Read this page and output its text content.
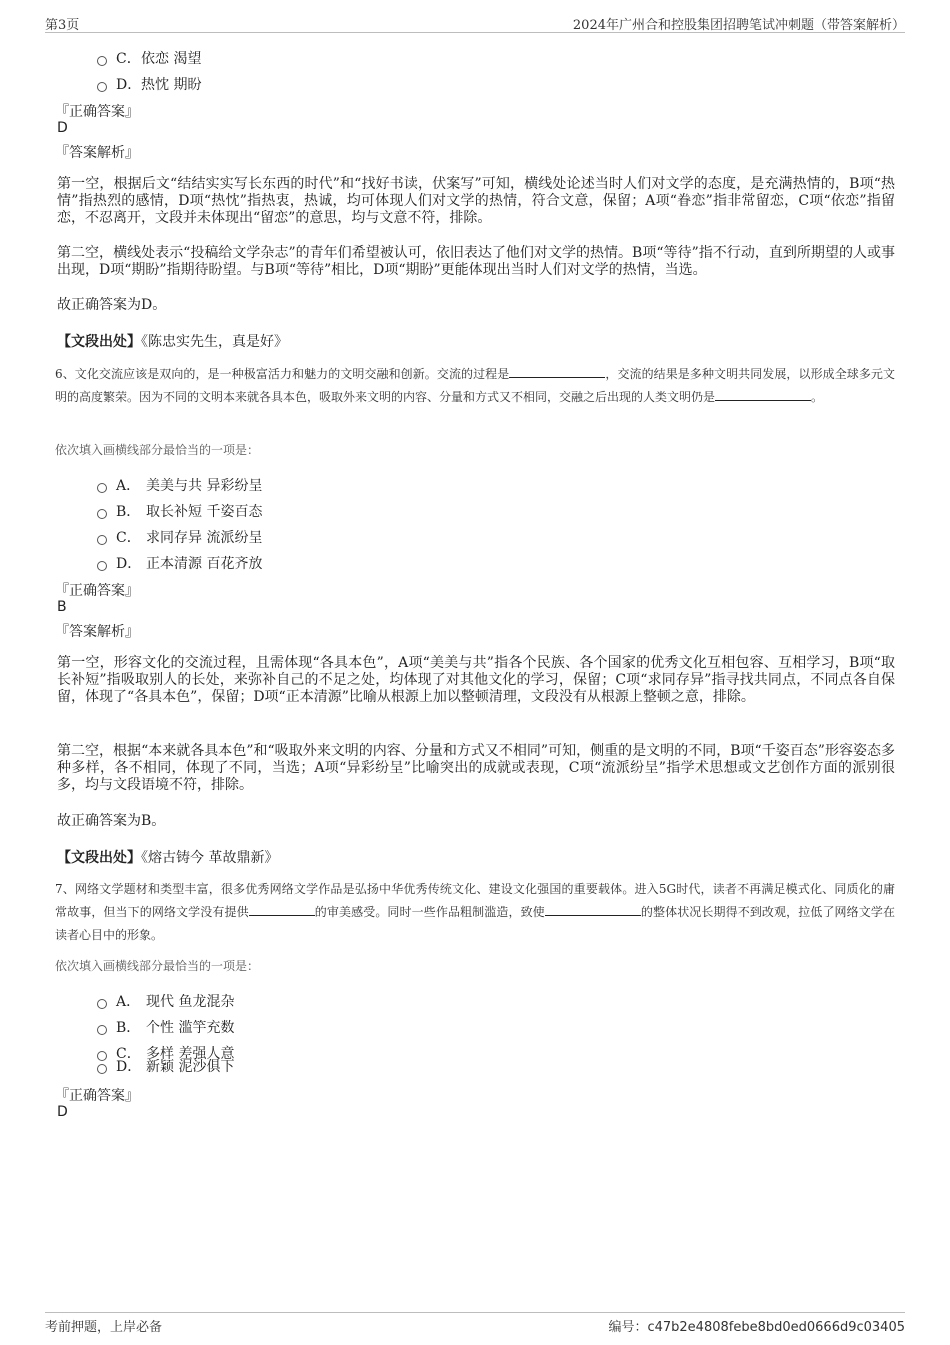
第3页	2024年广州合和控股集团招聘笔试冲刺题（带答案解析）
C． 依恋 渴望
D． 热忱 期盼
『正确答案』
D
『答案解析』
第一空，根据后文“结结实实写长东西的时代”和“找好书读，伏案写”可知，横线处论述当时人们对文学的态度，是充满热情的，B项“热情”指热烈的感情，D项“热忱”指热衷，热诚，均可体现人们对文学的热情，符合文意，保留；A项“眷恋”指非常留恋，C项“依恋”指留恋，不忍离开，文段并未体现出“留恋”的意思，均与文意不符，排除。
第二空，横线处表示“投稿给文学杂志”的青年们希望被认可，依旧表达了他们对文学的热情。B项“等待”指不行动，直到所期望的人或事出现，D项“期盼”指期待盼望。与B项“等待”相比，D项“期盼”更能体现出当时人们对文学的热情，当选。
故正确答案为D。
【文段出处】《陈忠实先生，真是好》
6、文化交流应该是双向的，是一种极富活力和魅力的文明交融和创新。交流的过程是	，交流的结果是多种文明共同发展，以形成全球多元文明的高度繁荣。因为不同的文明本来就各具本色，吸取外来文明的内容、分量和方式又不相同，交融之后出现的人类文明仍是	。
依次填入画横线部分最恰当的一项是：
A． 美美与共 异彩纷呈
B． 取长补短 千姿百态
C． 求同存异 流派纷呈
D． 正本清源 百花齐放
『正确答案』
B
『答案解析』
第一空，形容文化的交流过程，且需体现“各具本色”，A项“美美与共”指各个民族、各个国家的优秀文化互相包容、互相学习，B项“取长补短”指吸取别人的长处，来弥补自己的不足之处，均体现了对其他文化的学习，保留；C项“求同存异”指寻找共同点，不同点各自保留，体现了“各具本色”，保留；D项“正本清源”比喻从根源上加以整顿清理，文段没有从根源上整顿之意，排除。
第二空，根据“本来就各具本色”和“吸取外来文明的内容、分量和方式又不相同”可知，侧重的是文明的不同，B项“千姿百态”形容姿态多种多样，各不相同，体现了不同，当选；A项“异彩纷呈”比喻突出的成就或表现，C项“流派纷呈”指学术思想或文艺创作方面的派别很多，均与文段语境不符，排除。
故正确答案为B。
【文段出处】《熔古铸今 革故鼎新》
7、网络文学题材和类型丰富，很多优秀网络文学作品是弘扬中华优秀传统文化、建设文化强国的重要载体。进入5G时代，读者不再满足模式化、同质化的庸常故事，但当下的网络文学没有提供	的审美感受。同时一些作品粗制滥造，致使	的整体状况长期得不到改观，拉低了网络文学在读者心目中的形象。
依次填入画横线部分最恰当的一项是：
A． 现代 鱼龙混杂
B． 个性 滥竽充数
C． 多样 差强人意
D． 新颖 泥沙俱下
『正确答案』
D
考前押题，上岸必备	编号：c47b2e4808febe8bd0ed0666d9c03405
